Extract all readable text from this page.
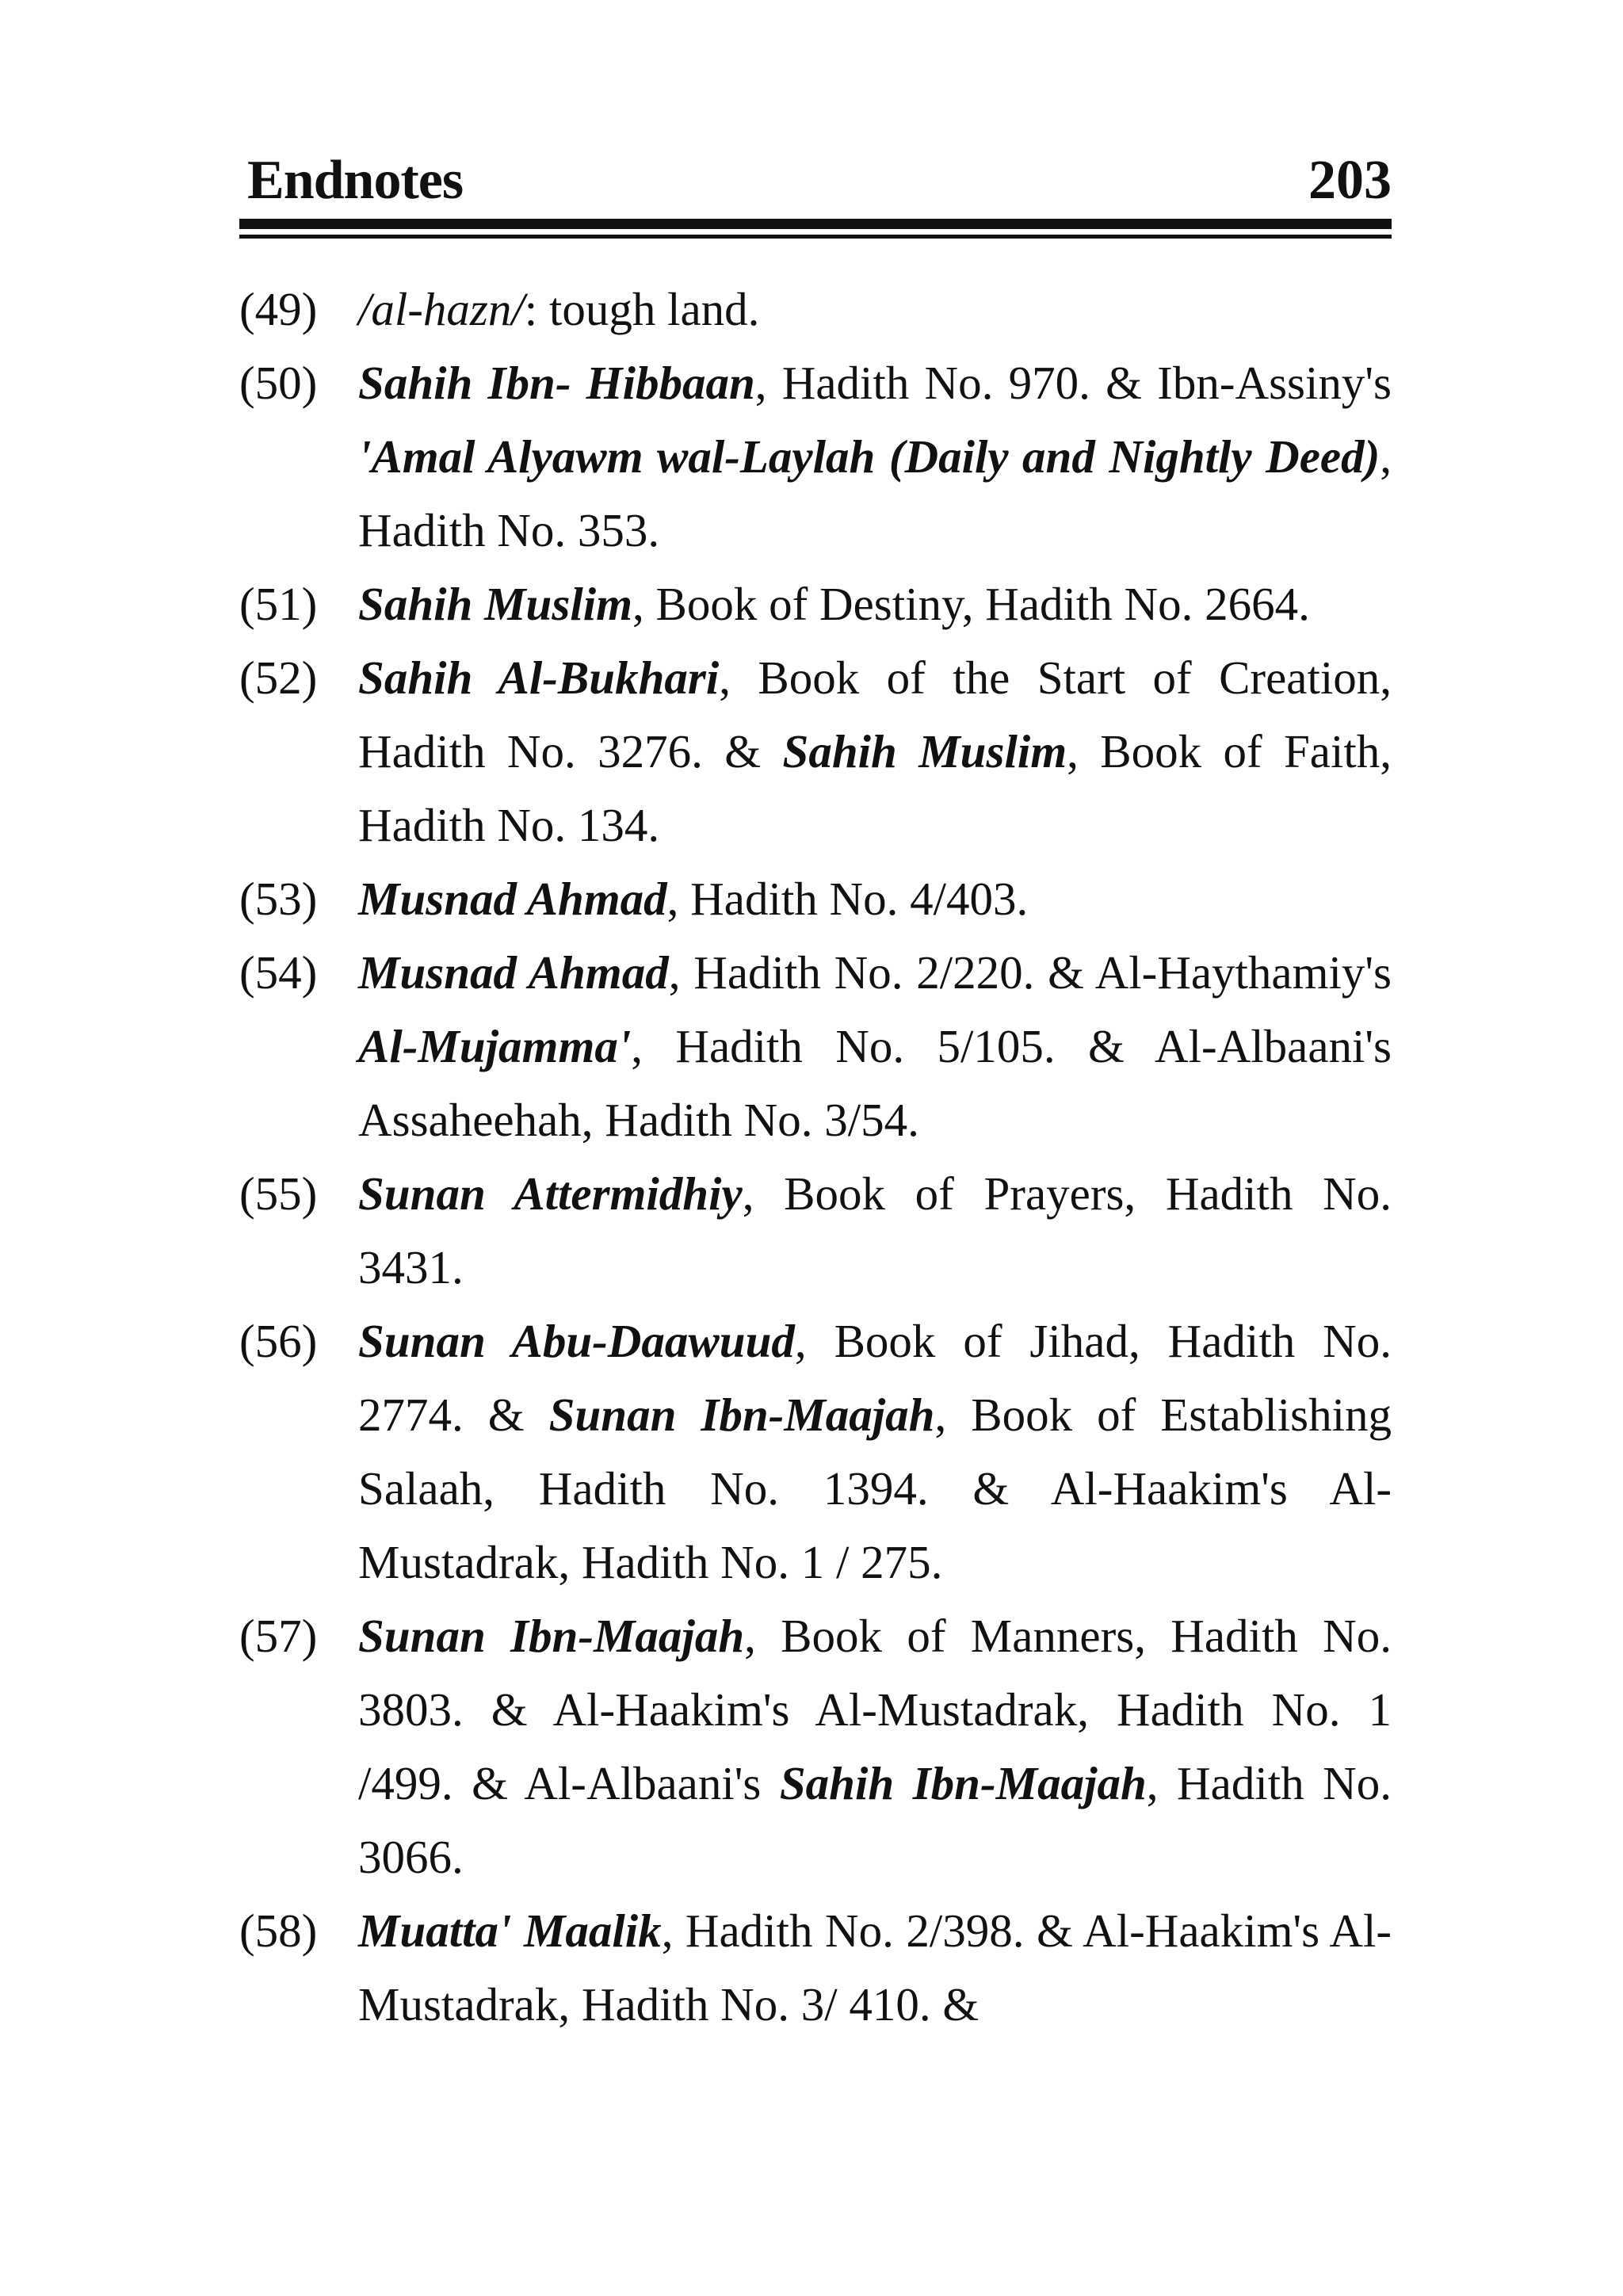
Endnotes	203
(49) /al-hazn/: tough land.
(50) Sahih Ibn- Hibbaan, Hadith No. 970. & Ibn-Assiny's 'Amal Alyawm wal-Laylah (Daily and Nightly Deed), Hadith No. 353.
(51) Sahih Muslim, Book of Destiny, Hadith No. 2664.
(52) Sahih Al-Bukhari, Book of the Start of Creation, Hadith No. 3276. & Sahih Muslim, Book of Faith, Hadith No. 134.
(53) Musnad Ahmad, Hadith No. 4/403.
(54) Musnad Ahmad, Hadith No. 2/220. & Al-Haythamiy's Al-Mujamma', Hadith No. 5/105. & Al-Albaani's Assaheehah, Hadith No. 3/54.
(55) Sunan Attermidhiy, Book of Prayers, Hadith No. 3431.
(56) Sunan Abu-Daawuud, Book of Jihad, Hadith No. 2774. & Sunan Ibn-Maajah, Book of Establishing Salaah, Hadith No. 1394. & Al-Haakim's Al-Mustadrak, Hadith No. 1 / 275.
(57) Sunan Ibn-Maajah, Book of Manners, Hadith No. 3803. & Al-Haakim's Al-Mustadrak, Hadith No. 1 /499. & Al-Albaani's Sahih Ibn-Maajah, Hadith No. 3066.
(58) Muatta' Maalik, Hadith No. 2/398. & Al-Haakim's Al-Mustadrak, Hadith No. 3/ 410. &
